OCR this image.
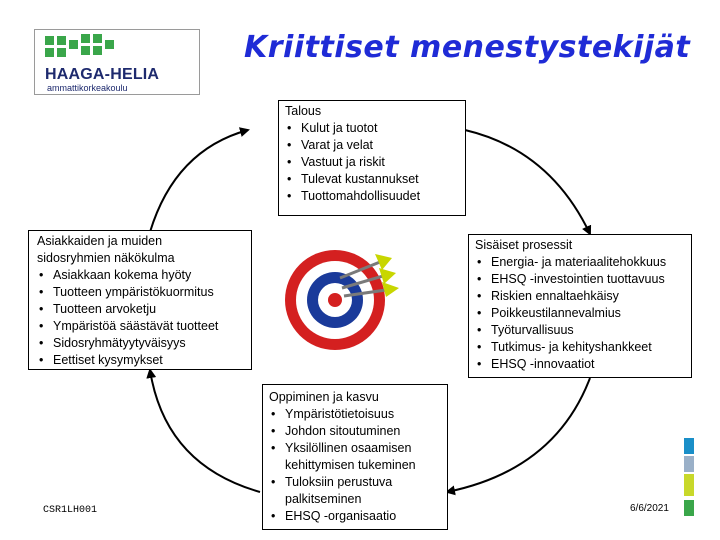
HAAGA-HELIA
ammattikorkeakoulu
Kriittiset menestystekijät
Talous
• Kulut ja tuotot
• Varat ja velat
• Vastuut ja riskit
• Tulevat kustannukset
• Tuottomahdollisuudet
Asiakkaiden ja muiden
sidosryhmien näkökulma
• Asiakkaan kokema hyöty
• Tuotteen ympäristökuormitus
• Tuotteen arvoketju
• Ympäristöä säästävät tuotteet
• Sidosryhmätyytyväisyys
• Eettiset kysymykset
Sisäiset prosessit
• Energia- ja materiaalitehokkuus
• EHSQ -investointien tuottavuus
• Riskien ennaltaehkäisy
• Poikkeustilannevalmius
• Työturvallisuus
• Tutkimus- ja kehityshankkeet
• EHSQ -innovaatiot
Oppiminen ja kasvu
• Ympäristötietoisuus
• Johdon sitoutuminen
• Yksilöllinen osaamisen kehittymisen tukeminen
• Tuloksiin perustuva palkitseminen
• EHSQ -organisaatio
CSR1LH001	6/6/2021
